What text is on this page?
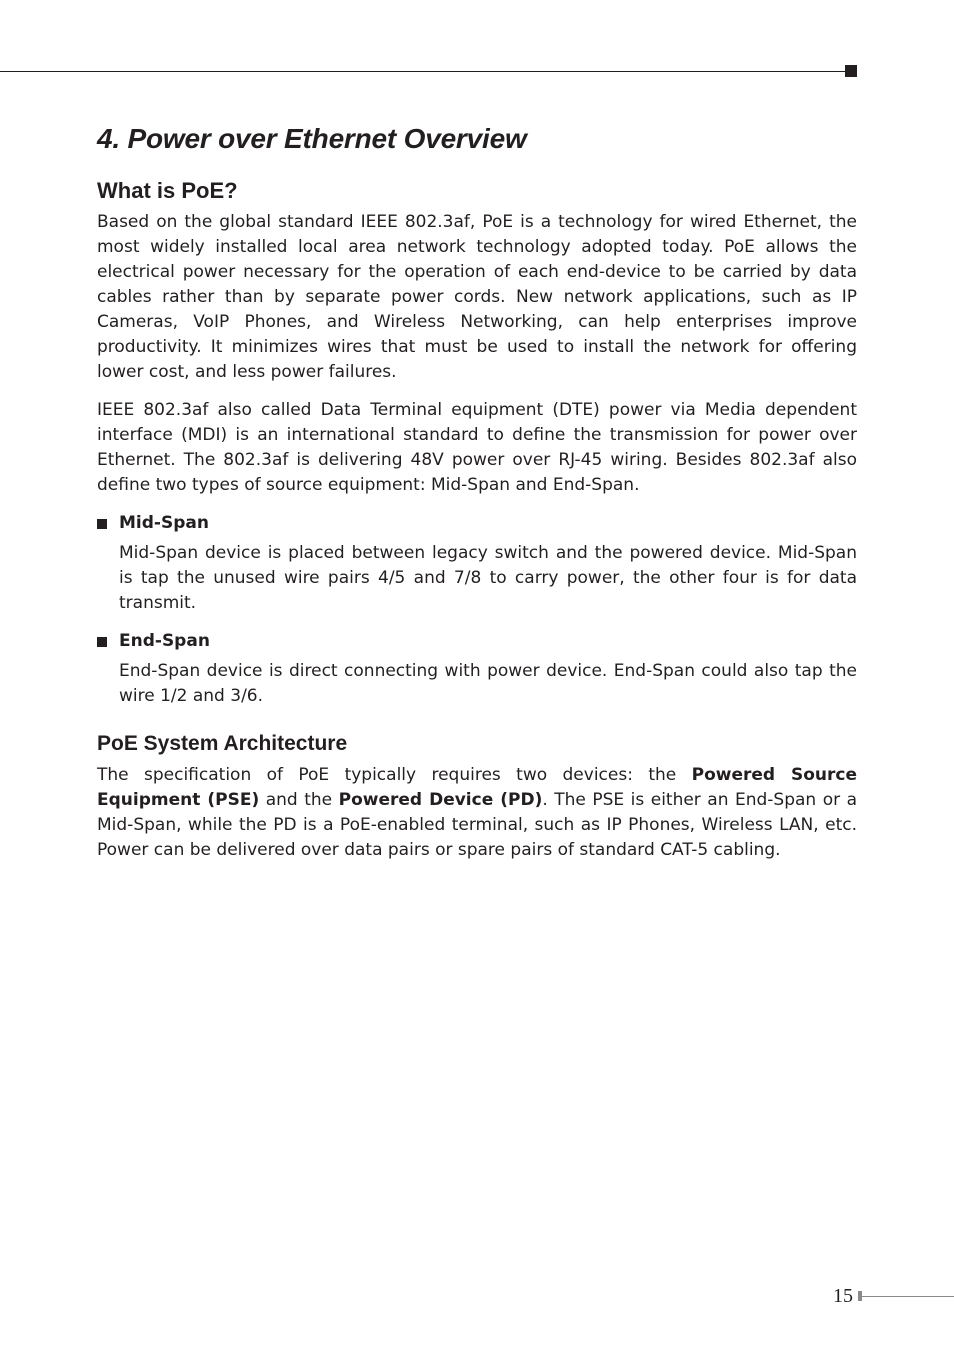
4. Power over Ethernet Overview
What is PoE?

Based on the global standard IEEE 802.3af, PoE is a technology for wired Ethernet, the most widely installed local area network technology adopted today. PoE allows the electrical power necessary for the operation of each end-device to be carried by data cables rather than by separate power cords. New network applications, such as IP Cameras, VoIP Phones, and Wireless Networking, can help enterprises improve productivity. It minimizes wires that must be used to install the network for offering lower cost, and less power failures.

IEEE 802.3af also called Data Terminal equipment (DTE) power via Media dependent interface (MDI) is an international standard to define the transmission for power over Ethernet. The 802.3af is delivering 48V power over RJ-45 wiring. Besides 802.3af also define two types of source equipment: Mid-Span and End-Span.

Mid-Span

Mid-Span device is placed between legacy switch and the powered device. Mid-Span is tap the unused wire pairs 4/5 and 7/8 to carry power, the other four is for data transmit.

End-Span

End-Span device is direct connecting with power device. End-Span could also tap the wire 1/2 and 3/6.

PoE System Architecture

The specification of PoE typically requires two devices: the Powered Source Equipment (PSE) and the Powered Device (PD). The PSE is either an End-Span or a Mid-Span, while the PD is a PoE-enabled terminal, such as IP Phones, Wireless LAN, etc. Power can be delivered over data pairs or spare pairs of standard CAT-5 cabling.

15
